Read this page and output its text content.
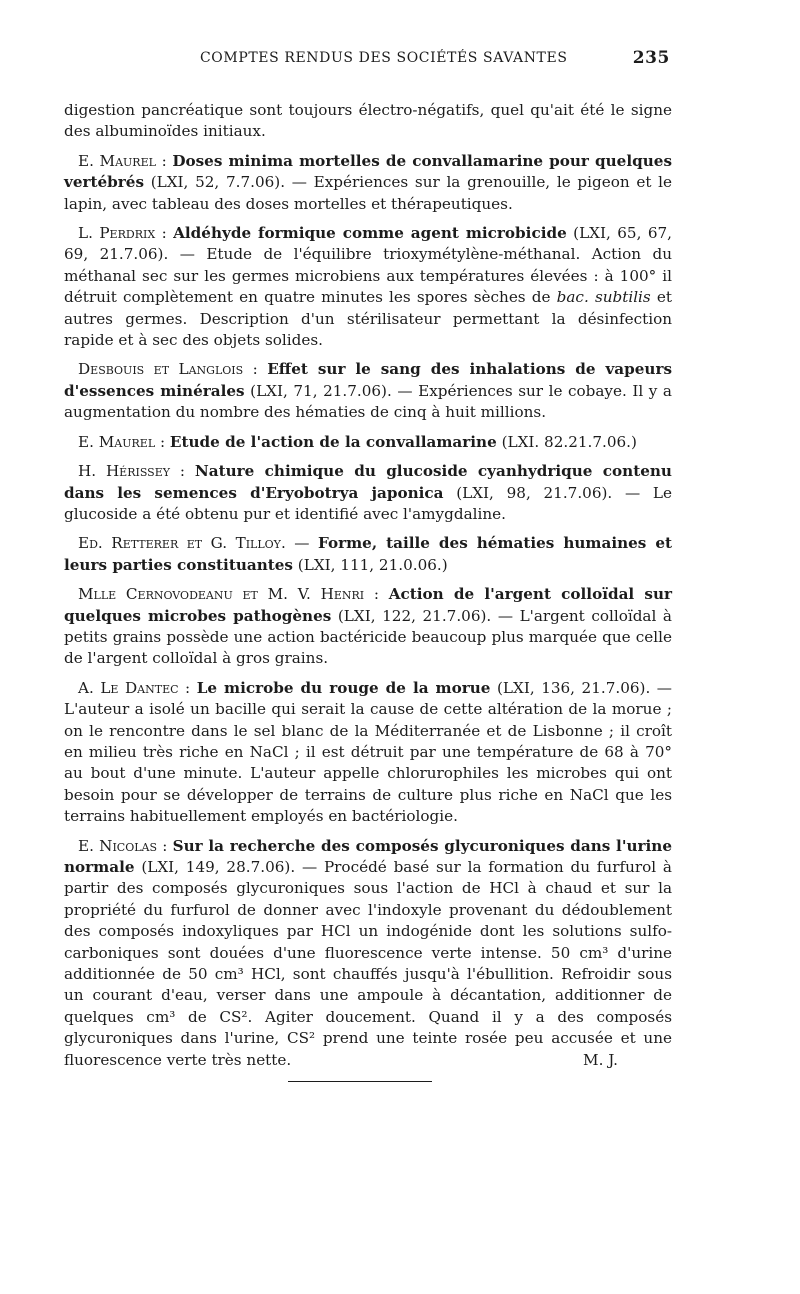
COMPTES RENDUS DES SOCIÉTÉS SAVANTES	235

digestion pancréatique sont toujours électro-négatifs, quel qu'ait été le signe des albuminoïdes initiaux.

E. Maurel : Doses minima mortelles de convallamarine pour quelques vertébrés (LXI, 52, 7.7.06). — Expériences sur la grenouille, le pigeon et le lapin, avec tableau des doses mortelles et thérapeutiques.

L. Perdrix : Aldéhyde formique comme agent microbicide (LXI, 65, 67, 69, 21.7.06). — Etude de l'équilibre trioxymétylène-méthanal. Action du méthanal sec sur les germes microbiens aux températures élevées : à 100° il détruit complètement en quatre minutes les spores sèches de bac. subtilis et autres germes. Description d'un stérilisateur permettant la désinfection rapide et à sec des objets solides.

Desbouis et Langlois : Effet sur le sang des inhalations de vapeurs d'essences minérales (LXI, 71, 21.7.06). — Expériences sur le cobaye. Il y a augmentation du nombre des hématies de cinq à huit millions.

E. Maurel : Etude de l'action de la convallamarine (LXI. 82.21.7.06.)

H. Hérissey : Nature chimique du glucoside cyanhydrique contenu dans les semences d'Eryobotrya japonica (LXI, 98, 21.7.06). — Le glucoside a été obtenu pur et identifié avec l'amygdaline.

Ed. Retterer et G. Tilloy. — Forme, taille des hématies humaines et leurs parties constituantes (LXI, 111, 21.0.06.)

Mlle Cernovodeanu et M. V. Henri : Action de l'argent colloïdal sur quelques microbes pathogènes (LXI, 122, 21.7.06). — L'argent colloïdal à petits grains possède une action bactéricide beaucoup plus marquée que celle de l'argent colloïdal à gros grains.

A. Le Dantec : Le microbe du rouge de la morue (LXI, 136, 21.7.06). — L'auteur a isolé un bacille qui serait la cause de cette altération de la morue ; on le rencontre dans le sel blanc de la Méditerranée et de Lisbonne ; il croît en milieu très riche en NaCl ; il est détruit par une température de 68 à 70° au bout d'une minute. L'auteur appelle chlorurophiles les microbes qui ont besoin pour se développer de terrains de culture plus riche en NaCl que les terrains habituellement employés en bactériologie.

E. Nicolas : Sur la recherche des composés glycuroniques dans l'urine normale (LXI, 149, 28.7.06). — Procédé basé sur la formation du furfurol à partir des composés glycuroniques sous l'action de HCl à chaud et sur la propriété du furfurol de donner avec l'indoxyle provenant du dédoublement des composés indoxyliques par HCl un indogénide dont les solutions sulfo-carboniques sont douées d'une fluorescence verte intense. 50 cm³ d'urine additionnée de 50 cm³ HCl, sont chauffés jusqu'à l'ébullition. Refroidir sous un courant d'eau, verser dans une ampoule à décantation, additionner de quelques cm³ de CS². Agiter doucement. Quand il y a des composés glycuroniques dans l'urine, CS² prend une teinte rosée peu accusée et une fluorescence verte très nette.	M. J.
